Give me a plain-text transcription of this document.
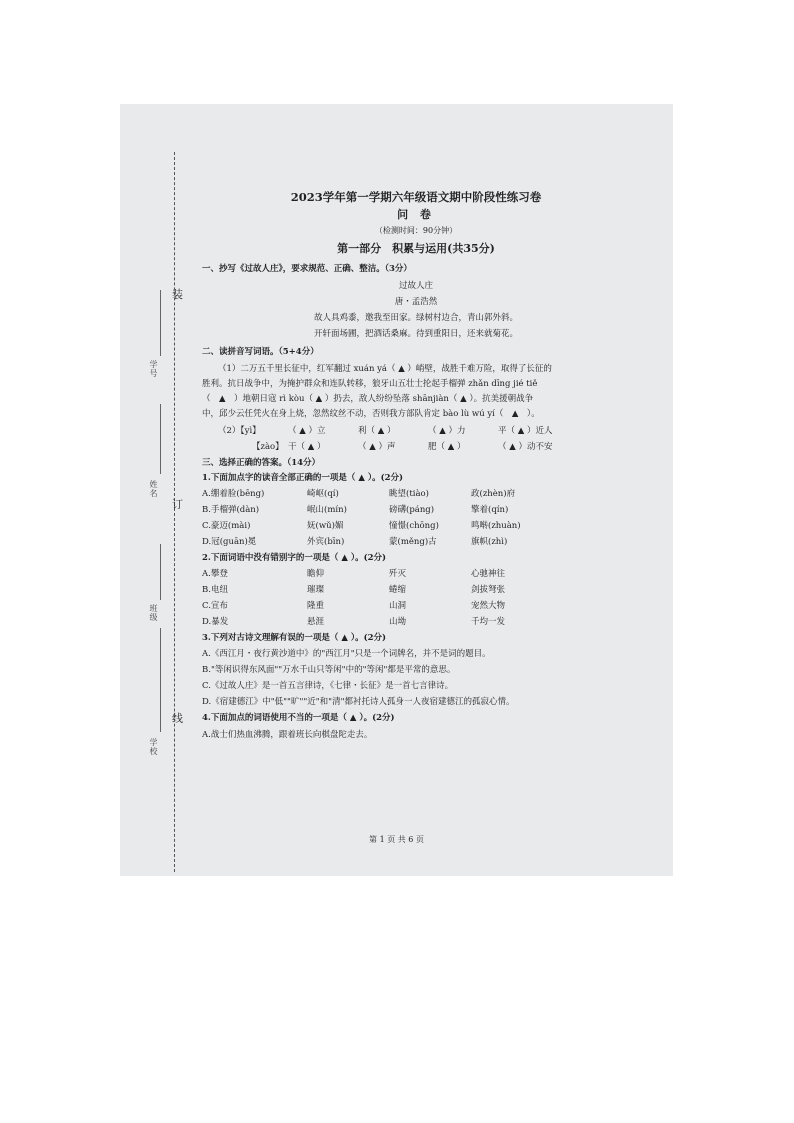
装
订
线
学号
姓名
班级
学校

2023学年第一学期六年级语文期中阶段性练习卷

问 卷

（检测时间：90分钟）

第一部分　积累与运用(共35分)

一、抄写《过故人庄》，要求规范、正确、整洁。（3分）

过故人庄

唐・孟浩然

故人具鸡黍，邀我至田家。绿树村边合，青山郭外斜。

开轩面场圃，把酒话桑麻。待到重阳日，还来就菊花。

二、读拼音写词语。（5+4分）

（1）二万五千里长征中，红军翻过 xuán yá（ ▲ ）峭壁，战胜千难万险，取得了长征的

胜利。抗日战争中，为掩护群众和连队转移，狼牙山五壮士抡起手榴弹 zhǎn dīng jié tiě

（　▲　）地朝日寇 rì kòu（ ▲ ）扔去，敌人纷纷坠落 shānjiàn（ ▲ ）。抗美援朝战争

中，邱少云任凭火在身上烧，忽然纹丝不动，否则我方部队肯定 bào lù wú yí（　▲　）。

（2）【yì】	（ ▲ ）立	利（ ▲ ）	（ ▲ ）力	平（ ▲ ）近人
【zào】 干（ ▲ ）	（ ▲ ）声	肥（ ▲ ）	（ ▲ ）动不安

三、选择正确的答案。（14分）

1.下面加点字的读音全部正确的一项是（ ▲ ）。(2分)

A.绷着脸(bēng)	崎岖(qí)	眺望(tiào)	政(zhèn)府
B.手榴弹(dàn)	岷山(mín)	磅礴(páng)	擎着(qín)
C.豪迈(mài)	妩(wǔ)媚	憧憬(chōng)	鸣啭(zhuàn)
D.冠(guān)冕	外宾(bīn)	蒙(měng)古	旗帜(zhì)

2.下面词语中没有错别字的一项是（ ▲ ）。(2分)

A.攀登	瞻仰	歼灭	心驰神往
B.电纽	璀璨	蜷缩	剑拔弩张
C.宣布	隆重	山洞	宠然大物
D.暴发	悬涯	山坳	千均一发

3.下列对古诗文理解有误的一项是（ ▲ ）。(2分)

A.《西江月・夜行黄沙道中》的"西江月"只是一个词牌名，并不是词的题目。

B."等闲识得东风面""万水千山只等闲"中的"等闲"都是平常的意思。

C.《过故人庄》是一首五言律诗，《七律・长征》是一首七言律诗。

D.《宿建德江》中"低""旷""近"和"清"都衬托诗人孤身一人夜宿建德江的孤寂心情。

4.下面加点的词语使用不当的一项是（ ▲ ）。(2分)

A.战士们热血沸腾，跟着班长向棋盘陀走去。

第 1 页 共 6 页
